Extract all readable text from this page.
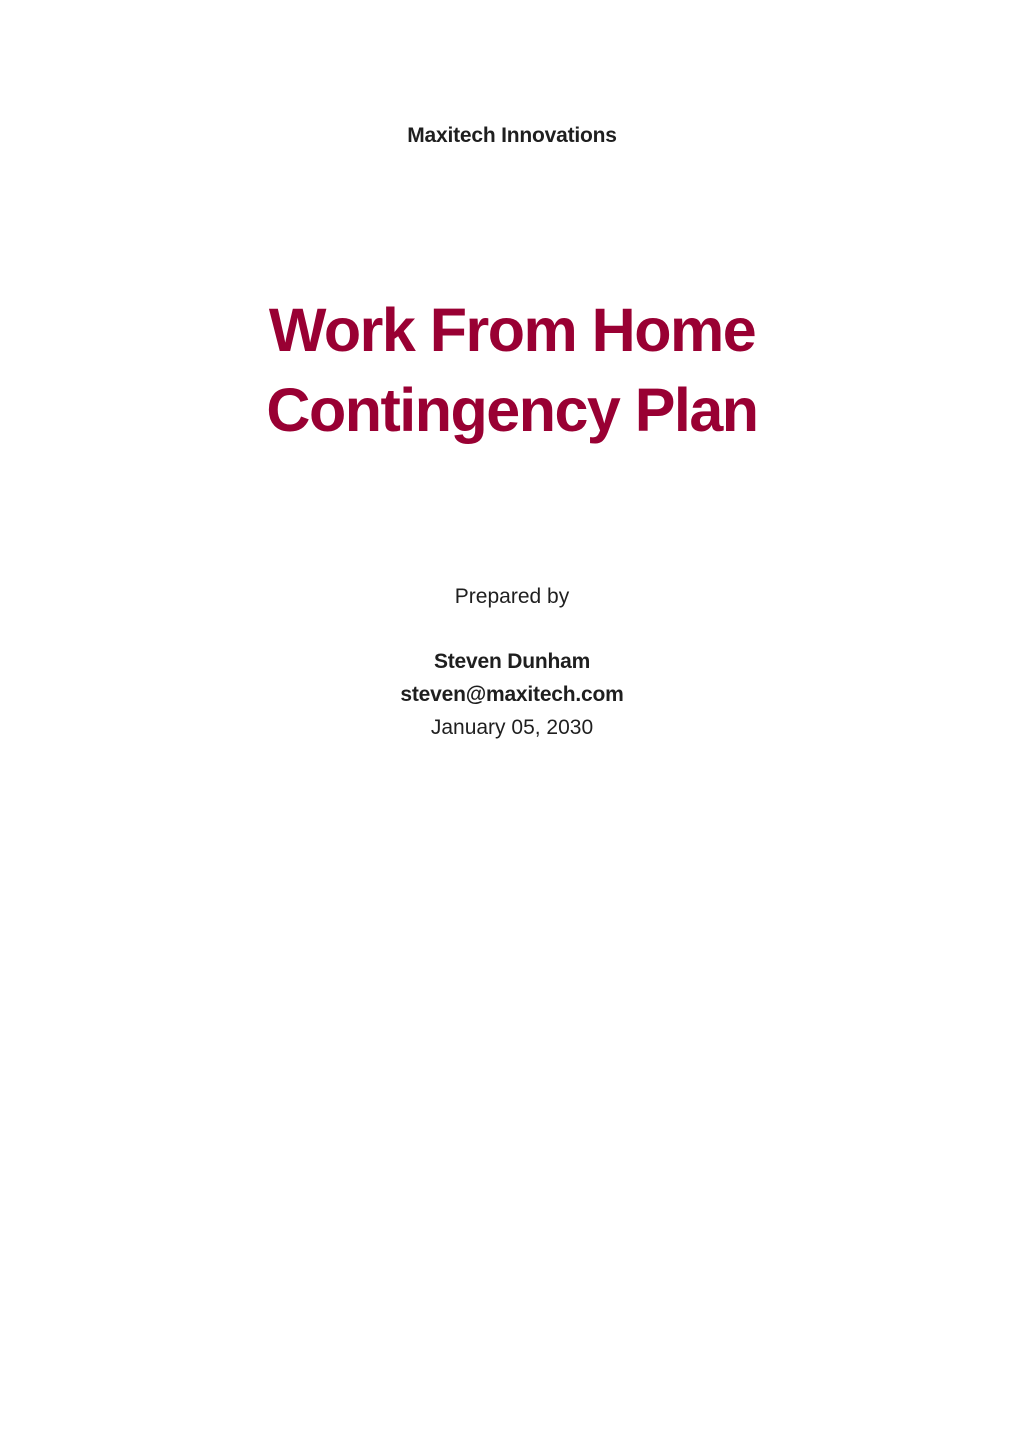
Maxitech Innovations
Work From Home
Contingency Plan
Prepared by
Steven Dunham
steven@maxitech.com
January 05, 2030
